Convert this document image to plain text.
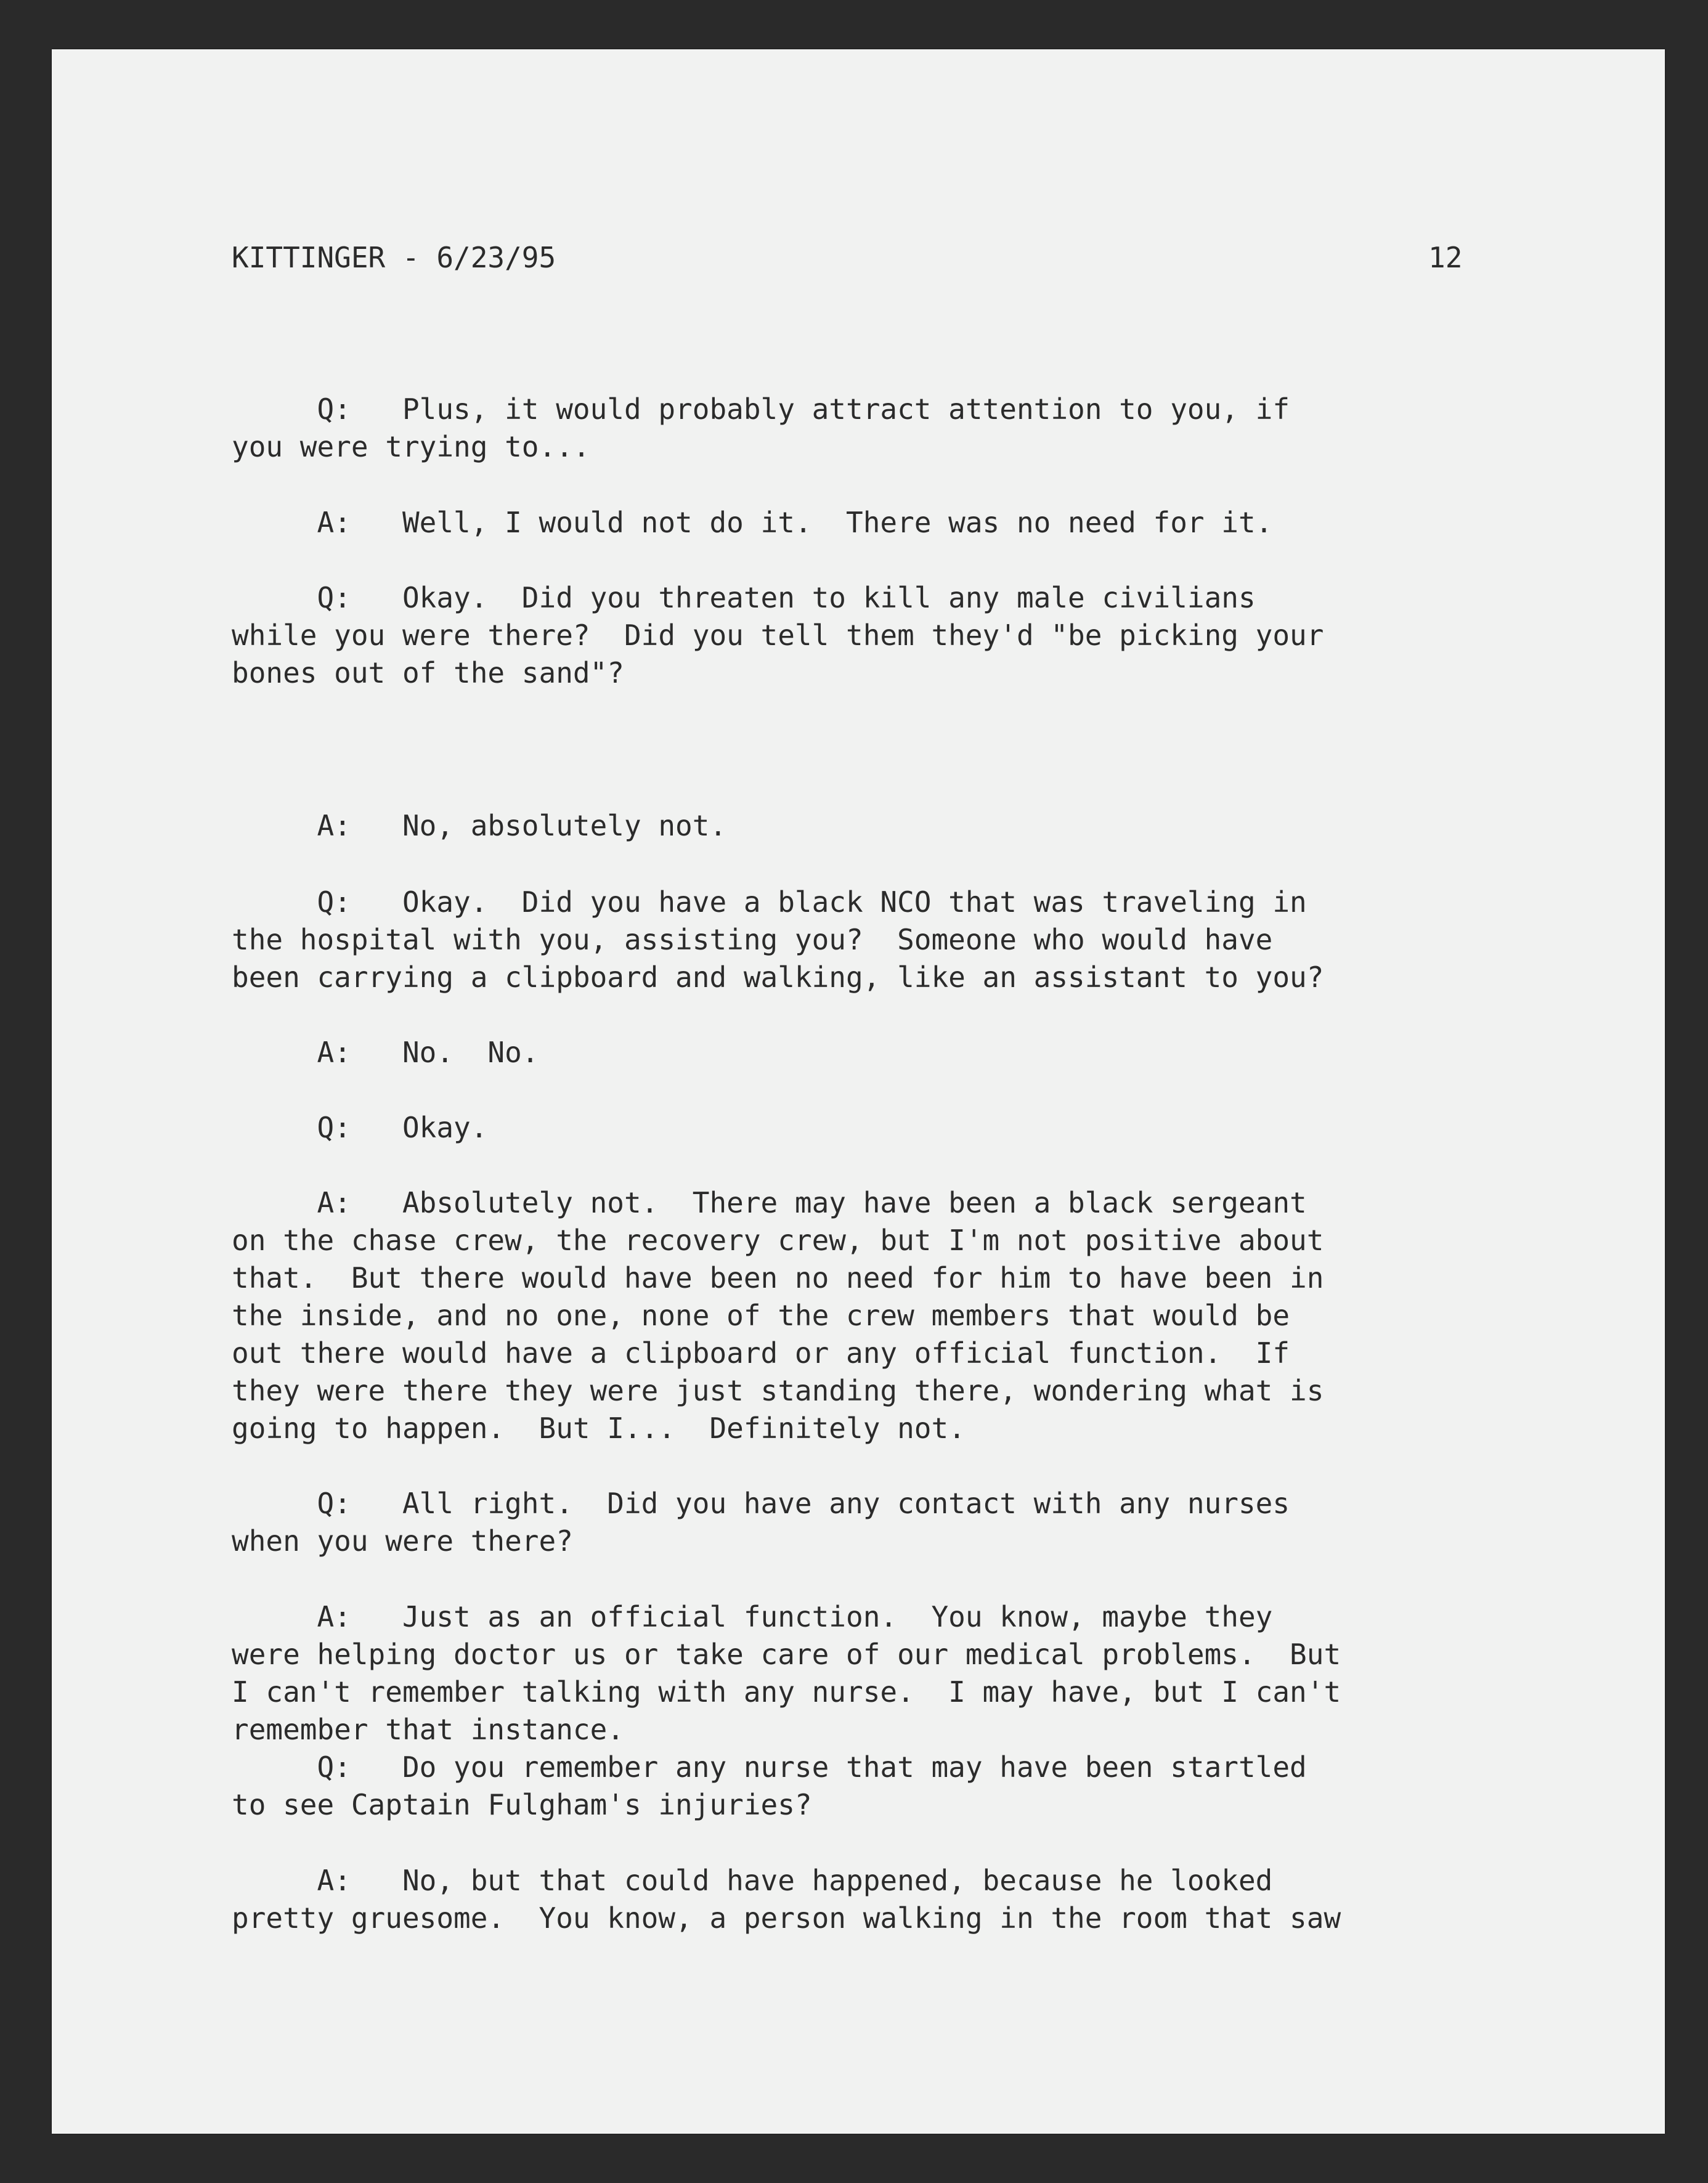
KITTINGER - 6/23/95	12
Q:   Plus, it would probably attract attention to you, if
you were trying to...
A:   Well, I would not do it.  There was no need for it.
Q:   Okay.  Did you threaten to kill any male civilians
while you were there?  Did you tell them they'd "be picking your
bones out of the sand"?
A:   No, absolutely not.
Q:   Okay.  Did you have a black NCO that was traveling in
the hospital with you, assisting you?  Someone who would have
been carrying a clipboard and walking, like an assistant to you?
A:   No.  No.
Q:   Okay.
A:   Absolutely not.  There may have been a black sergeant
on the chase crew, the recovery crew, but I'm not positive about
that.  But there would have been no need for him to have been in
the inside, and no one, none of the crew members that would be
out there would have a clipboard or any official function.  If
they were there they were just standing there, wondering what is
going to happen.  But I...  Definitely not.
Q:   All right.  Did you have any contact with any nurses
when you were there?
A:   Just as an official function.  You know, maybe they
were helping doctor us or take care of our medical problems.  But
I can't remember talking with any nurse.  I may have, but I can't
remember that instance.
Q:   Do you remember any nurse that may have been startled
to see Captain Fulgham's injuries?
A:   No, but that could have happened, because he looked
pretty gruesome.  You know, a person walking in the room that saw
